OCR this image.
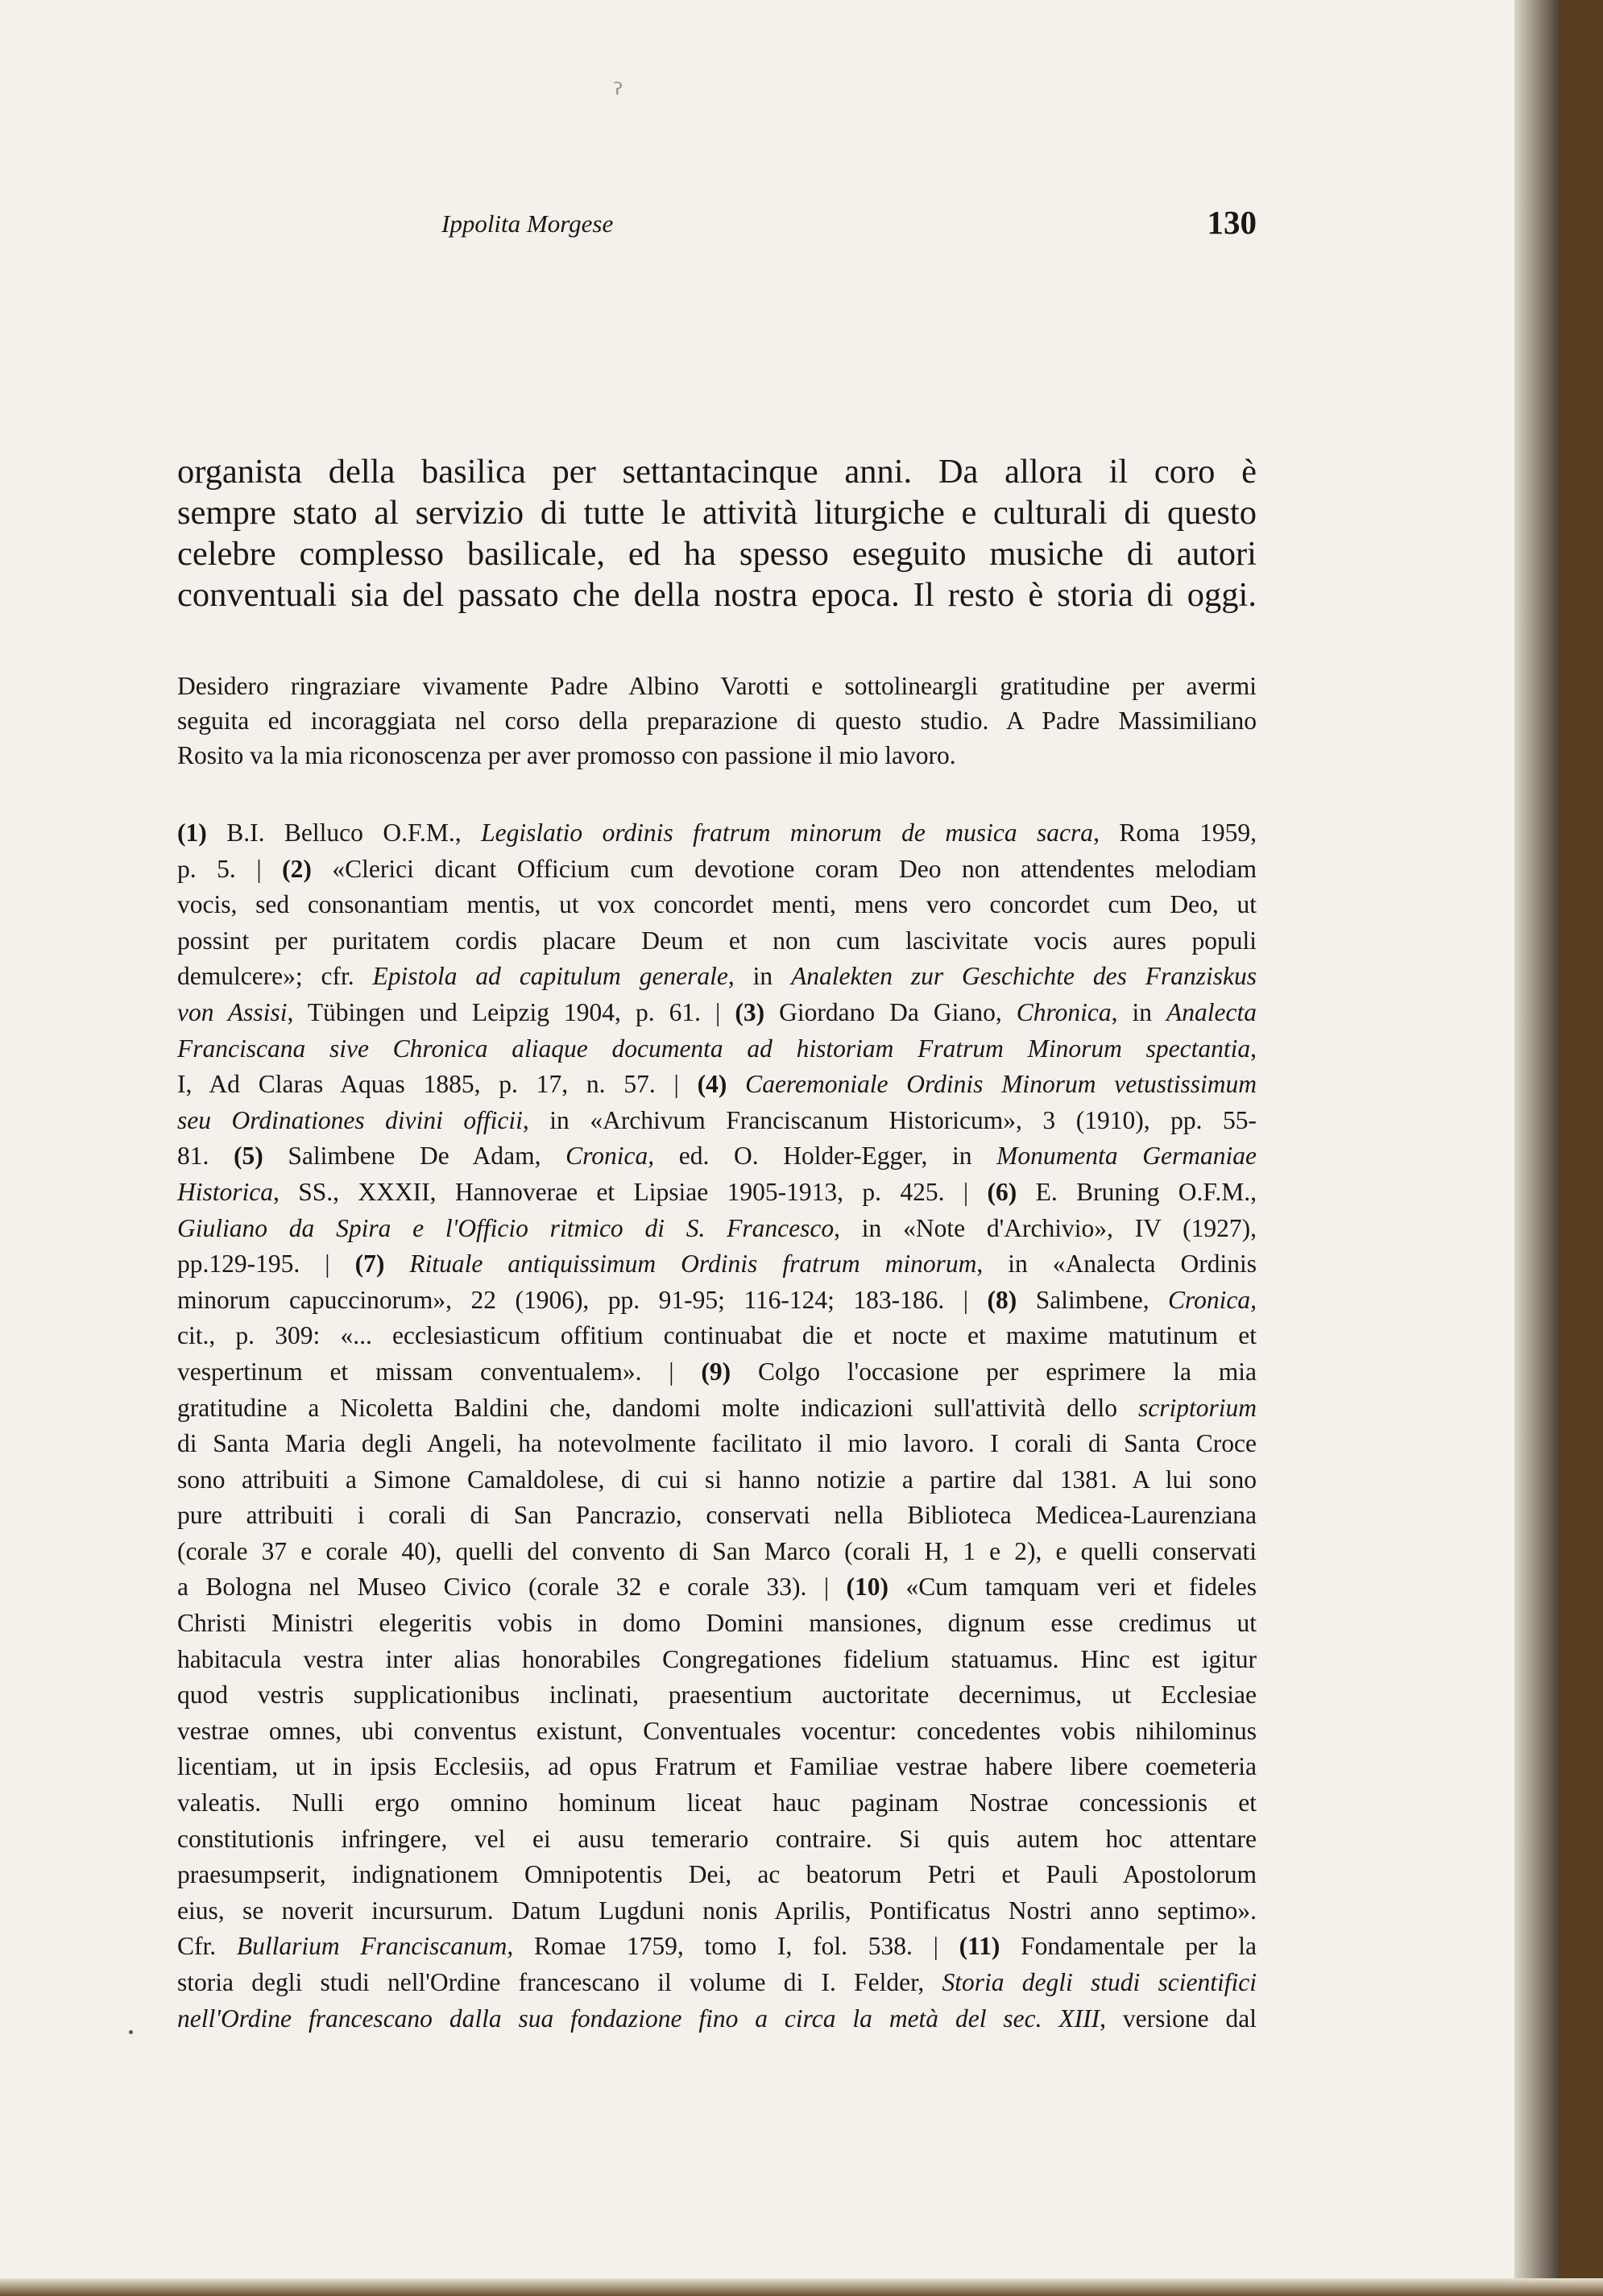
ˀ
Ippolita Morgese	130
organista della basilica per settantacinque anni. Da allora il coro è
sempre stato al servizio di tutte le attività liturgiche e culturali di questo
celebre complesso basilicale, ed ha spesso eseguito musiche di autori
conventuali sia del passato che della nostra epoca. Il resto è storia di oggi.
Desidero ringraziare vivamente Padre Albino Varotti e sottolineargli gratitudine per avermi
seguita ed incoraggiata nel corso della preparazione di questo studio. A Padre Massimiliano
Rosito va la mia riconoscenza per aver promosso con passione il mio lavoro.
(1) B.I. Belluco O.F.M., Legislatio ordinis fratrum minorum de musica sacra, Roma 1959,
p. 5. | (2) «Clerici dicant Officium cum devotione coram Deo non attendentes melodiam
vocis, sed consonantiam mentis, ut vox concordet menti, mens vero concordet cum Deo, ut
possint per puritatem cordis placare Deum et non cum lascivitate vocis aures populi
demulcere»; cfr. Epistola ad capitulum generale, in Analekten zur Geschichte des Franziskus
von Assisi, Tübingen und Leipzig 1904, p. 61. | (3) Giordano Da Giano, Chronica, in Analecta
Franciscana sive Chronica aliaque documenta ad historiam Fratrum Minorum spectantia,
I, Ad Claras Aquas 1885, p. 17, n. 57. | (4) Caeremoniale Ordinis Minorum vetustissimum
seu Ordinationes divini officii, in «Archivum Franciscanum Historicum», 3 (1910), pp. 55-
81. (5) Salimbene De Adam, Cronica, ed. O. Holder-Egger, in Monumenta Germaniae
Historica, SS., XXXII, Hannoverae et Lipsiae 1905-1913, p. 425. | (6) E. Bruning O.F.M.,
Giuliano da Spira e l'Officio ritmico di S. Francesco, in «Note d'Archivio», IV (1927),
pp.129-195. | (7) Rituale antiquissimum Ordinis fratrum minorum, in «Analecta Ordinis
minorum capuccinorum», 22 (1906), pp. 91-95; 116-124; 183-186. | (8) Salimbene, Cronica,
cit., p. 309: «... ecclesiasticum offitium continuabat die et nocte et maxime matutinum et
vespertinum et missam conventualem». | (9) Colgo l'occasione per esprimere la mia
gratitudine a Nicoletta Baldini che, dandomi molte indicazioni sull'attività dello scriptorium
di Santa Maria degli Angeli, ha notevolmente facilitato il mio lavoro. I corali di Santa Croce
sono attribuiti a Simone Camaldolese, di cui si hanno notizie a partire dal 1381. A lui sono
pure attribuiti i corali di San Pancrazio, conservati nella Biblioteca Medicea-Laurenziana
(corale 37 e corale 40), quelli del convento di San Marco (corali H, 1 e 2), e quelli conservati
a Bologna nel Museo Civico (corale 32 e corale 33). | (10) «Cum tamquam veri et fideles
Christi Ministri elegeritis vobis in domo Domini mansiones, dignum esse credimus ut
habitacula vestra inter alias honorabiles Congregationes fidelium statuamus. Hinc est igitur
quod vestris supplicationibus inclinati, praesentium auctoritate decernimus, ut Ecclesiae
vestrae omnes, ubi conventus existunt, Conventuales vocentur: concedentes vobis nihilominus
licentiam, ut in ipsis Ecclesiis, ad opus Fratrum et Familiae vestrae habere libere coemeteria
valeatis. Nulli ergo omnino hominum liceat hauc paginam Nostrae concessionis et
constitutionis infringere, vel ei ausu temerario contraire. Si quis autem hoc attentare
praesumpserit, indignationem Omnipotentis Dei, ac beatorum Petri et Pauli Apostolorum
eius, se noverit incursurum. Datum Lugduni nonis Aprilis, Pontificatus Nostri anno septimo».
Cfr. Bullarium Franciscanum, Romae 1759, tomo I, fol. 538. | (11) Fondamentale per la
storia degli studi nell'Ordine francescano il volume di I. Felder, Storia degli studi scientifici
nell'Ordine francescano dalla sua fondazione fino a circa la metà del sec. XIII, versione dal
